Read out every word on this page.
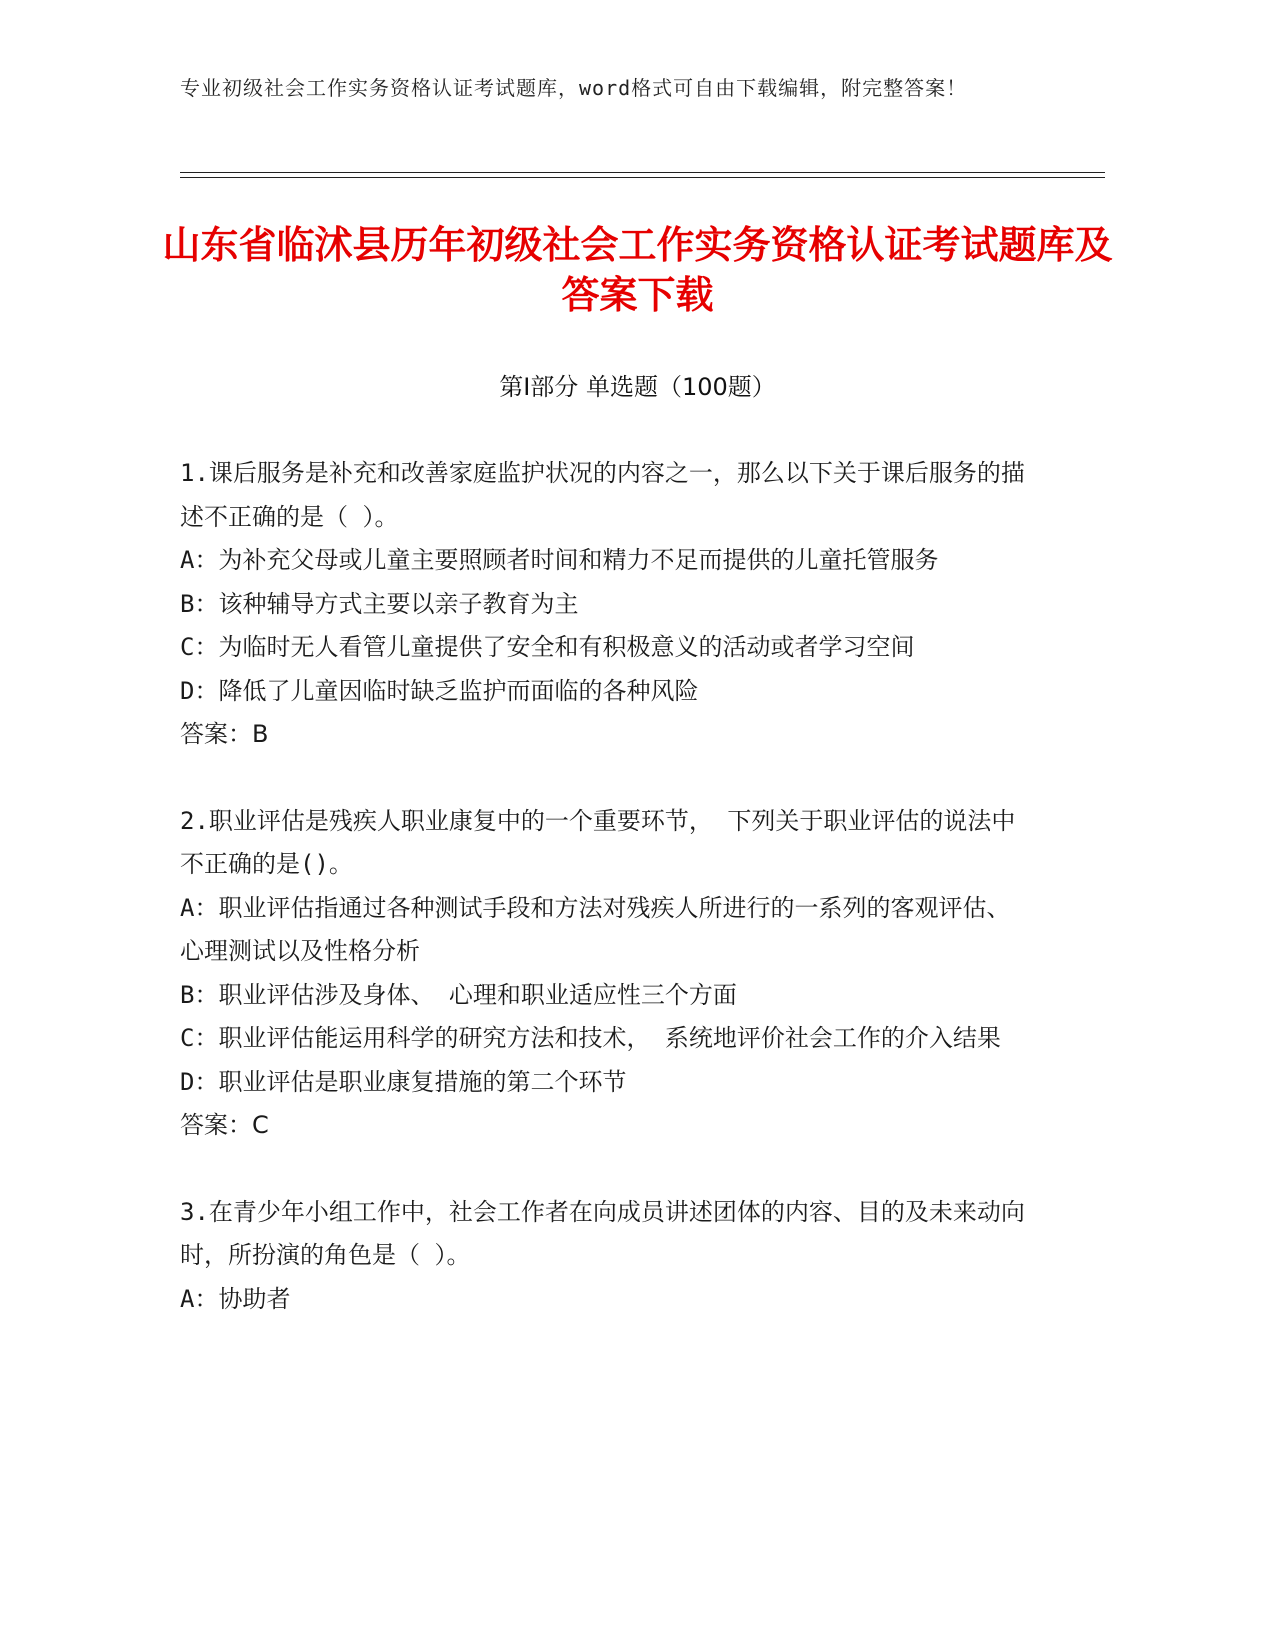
专业初级社会工作实务资格认证考试题库，word格式可自由下载编辑，附完整答案！
山东省临沭县历年初级社会工作实务资格认证考试题库及答案下载
第Ⅰ部分 单选题（100题）
1.课后服务是补充和改善家庭监护状况的内容之一，那么以下关于课后服务的描述不正确的是（ ）。
A：为补充父母或儿童主要照顾者时间和精力不足而提供的儿童托管服务
B：该种辅导方式主要以亲子教育为主
C：为临时无人看管儿童提供了安全和有积极意义的活动或者学习空间
D：降低了儿童因临时缺乏监护而面临的各种风险
答案：B
2.职业评估是残疾人职业康复中的一个重要环节， 下列关于职业评估的说法中不正确的是()。
A：职业评估指通过各种测试手段和方法对残疾人所进行的一系列的客观评估、 心理测试以及性格分析
B：职业评估涉及身体、 心理和职业适应性三个方面
C：职业评估能运用科学的研究方法和技术， 系统地评价社会工作的介入结果
D：职业评估是职业康复措施的第二个环节
答案：C
3.在青少年小组工作中，社会工作者在向成员讲述团体的内容、目的及未来动向时，所扮演的角色是（ ）。
A：协助者
